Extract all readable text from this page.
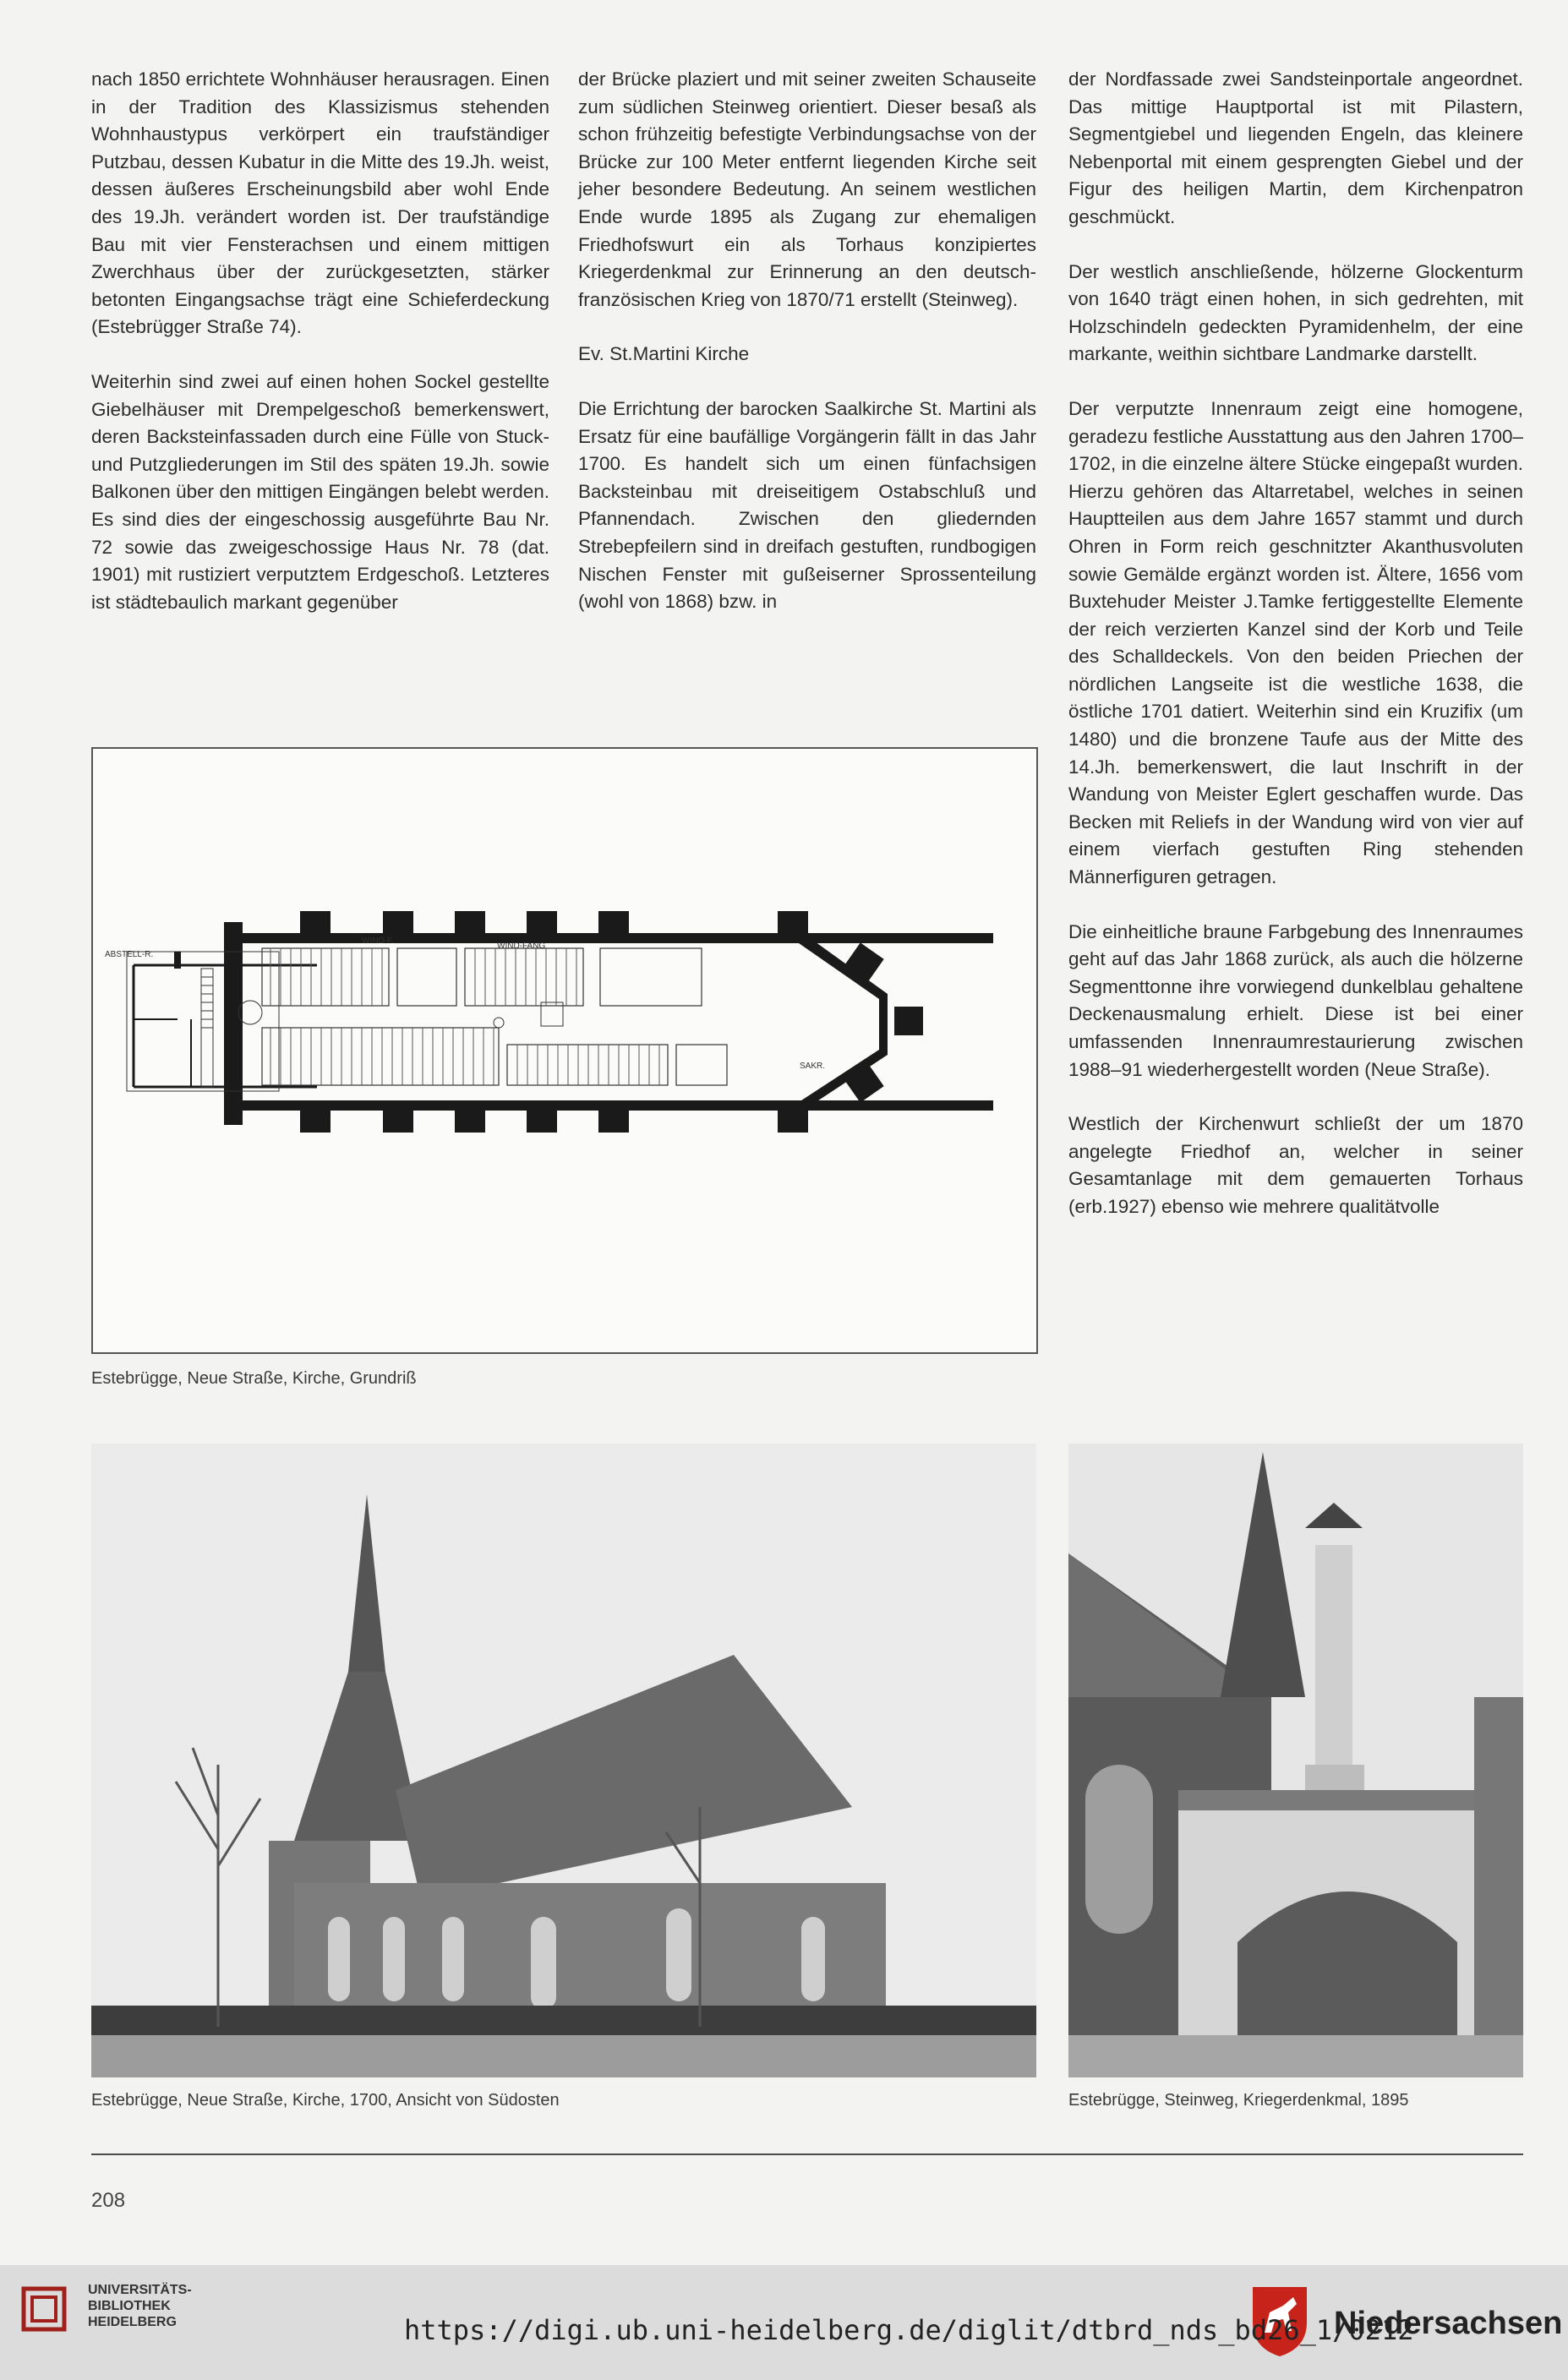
nach 1850 errichtete Wohnhäuser herausragen. Einen in der Tradition des Klassizismus stehenden Wohnhaustypus verkörpert ein traufständiger Putzbau, dessen Kubatur in die Mitte des 19.Jh. weist, dessen äußeres Erscheinungsbild aber wohl Ende des 19.Jh. verändert worden ist. Der traufständige Bau mit vier Fensterachsen und einem mittigen Zwerchhaus über der zurückgesetzten, stärker betonten Eingangsachse trägt eine Schieferdeckung (Estebrügger Straße 74).

Weiterhin sind zwei auf einen hohen Sockel gestellte Giebelhäuser mit Drempelgeschoß bemerkenswert, deren Backsteinfassaden durch eine Fülle von Stuck- und Putzgliederungen im Stil des späten 19.Jh. sowie Balkonen über den mittigen Eingängen belebt werden. Es sind dies der eingeschossig ausgeführte Bau Nr. 72 sowie das zweigeschossige Haus Nr. 78 (dat. 1901) mit rustiziert verputztem Erdgeschoß. Letzteres ist städtebaulich markant gegenüber

der Brücke plaziert und mit seiner zweiten Schauseite zum südlichen Steinweg orientiert. Dieser besaß als schon frühzeitig befestigte Verbindungsachse von der Brücke zur 100 Meter entfernt liegenden Kirche seit jeher besondere Bedeutung. An seinem westlichen Ende wurde 1895 als Zugang zur ehemaligen Friedhofswurt ein als Torhaus konzipiertes Kriegerdenkmal zur Erinnerung an den deutsch-französischen Krieg von 1870/71 erstellt (Steinweg).

Ev. St.Martini Kirche

Die Errichtung der barocken Saalkirche St. Martini als Ersatz für eine baufällige Vorgängerin fällt in das Jahr 1700. Es handelt sich um einen fünfachsigen Backsteinbau mit dreiseitigem Ostabschluß und Pfannendach. Zwischen den gliedernden Strebepfeilern sind in dreifach gestuften, rundbogigen Nischen Fenster mit gußeiserner Sprossenteilung (wohl von 1868) bzw. in

der Nordfassade zwei Sandsteinportale angeordnet. Das mittige Hauptportal ist mit Pilastern, Segmentgiebel und liegenden Engeln, das kleinere Nebenportal mit einem gesprengten Giebel und der Figur des heiligen Martin, dem Kirchenpatron geschmückt.

Der westlich anschließende, hölzerne Glockenturm von 1640 trägt einen hohen, in sich gedrehten, mit Holzschindeln gedeckten Pyramidenhelm, der eine markante, weithin sichtbare Landmarke darstellt.

Der verputzte Innenraum zeigt eine homogene, geradezu festliche Ausstattung aus den Jahren 1700–1702, in die einzelne ältere Stücke eingepaßt wurden. Hierzu gehören das Altarretabel, welches in seinen Hauptteilen aus dem Jahre 1657 stammt und durch Ohren in Form reich geschnitzter Akanthusvoluten sowie Gemälde ergänzt worden ist. Ältere, 1656 vom Buxtehuder Meister J.Tamke fertiggestellte Elemente der reich verzierten Kanzel sind der Korb und Teile des Schalldeckels. Von den beiden Priechen der nördlichen Langseite ist die westliche 1638, die östliche 1701 datiert. Weiterhin sind ein Kruzifix (um 1480) und die bronzene Taufe aus der Mitte des 14.Jh. bemerkenswert, die laut Inschrift in der Wandung von Meister Eglert geschaffen wurde. Das Becken mit Reliefs in der Wandung wird von vier auf einem vierfach gestuften Ring stehenden Männerfiguren getragen.

Die einheitliche braune Farbgebung des Innenraumes geht auf das Jahr 1868 zurück, als auch die hölzerne Segmenttonne ihre vorwiegend dunkelblau gehaltene Deckenausmalung erhielt. Diese ist bei einer umfassenden Innenraumrestaurierung zwischen 1988–91 wiederhergestellt worden (Neue Straße).

Westlich der Kirchenwurt schließt der um 1870 angelegte Friedhof an, welcher in seiner Gesamtanlage mit dem gemauerten Torhaus (erb.1927) ebenso wie mehrere qualitätvolle

WIND-F.
WIND-FANG
ABSTELL-R.
SAKR.
Estebrügge, Neue Straße, Kirche, Grundriß
Estebrügge, Neue Straße, Kirche, 1700, Ansicht von Südosten	Estebrügge, Steinweg, Kriegerdenkmal, 1895
208
UNIVERSITÄTS-
BIBLIOTHEK
HEIDELBERG	https://digi.ub.uni-heidelberg.de/diglit/dtbrd_nds_bd26_1/0212
Niedersachsen
